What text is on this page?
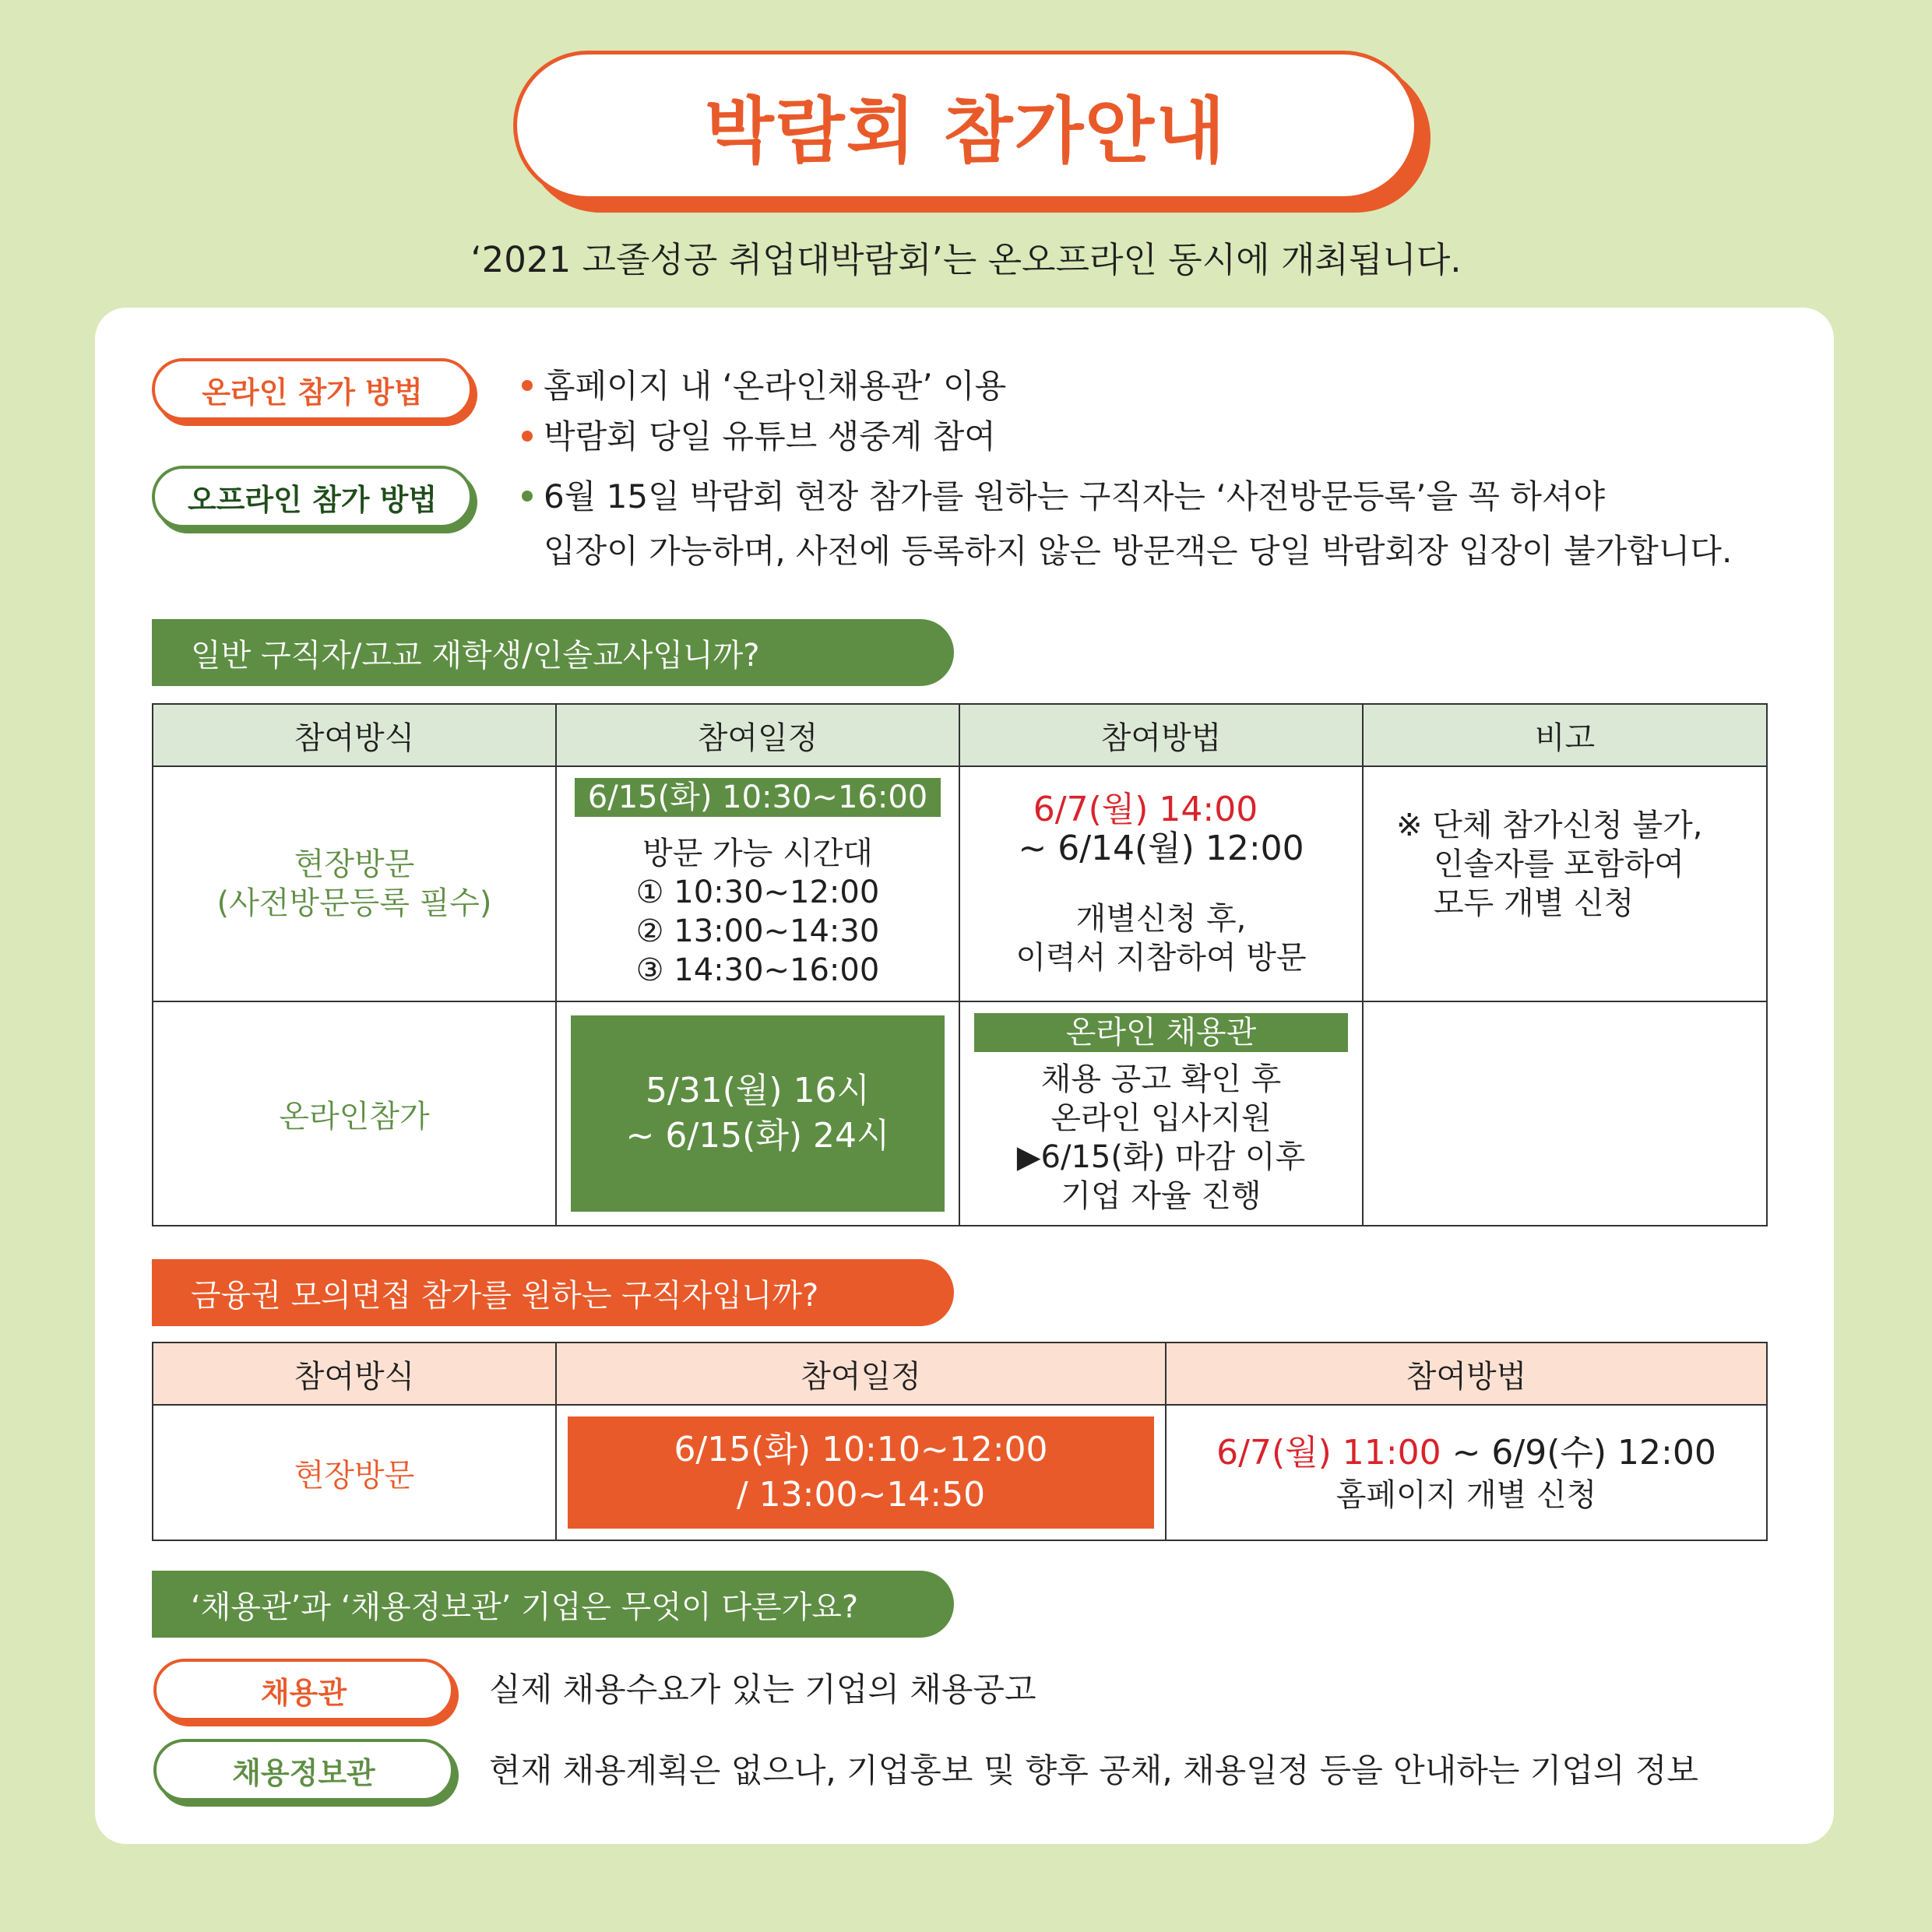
박람회 참가안내
‘2021 고졸성공 취업대박람회’는 온오프라인 동시에 개최됩니다.
온라인 참가 방법	홈페이지 내 ‘온라인채용관’ 이용
박람회 당일 유튜브 생중계 참여
오프라인 참가 방법	6월 15일 박람회 현장 참가를 원하는 구직자는 ‘사전방문등록’을 꼭 하셔야
입장이 가능하며, 사전에 등록하지 않은 방문객은 당일 박람회장 입장이 불가합니다.
일반 구직자/고교 재학생/인솔교사입니까?
참여방식	참여일정	참여방법	비고

현장방문
(사전방문등록 필수)	6/15(화) 10:30~16:00
방문 가능 시간대
① 10:30~12:00
② 13:00~14:30
③ 14:30~16:00	6/7(월) 14:00
~ 6/14(월) 12:00
개별신청 후,
이력서 지참하여 방문	※ 단체 참가신청 불가,
인솔자를 포함하여
모두 개별 신청

온라인참가	5/31(월) 16시
~ 6/15(화) 24시	온라인 채용관
채용 공고 확인 후
온라인 입사지원
▶6/15(화) 마감 이후
기업 자율 진행	

금융권 모의면접 참가를 원하는 구직자입니까?
참여방식	참여일정	참여방법
현장방문	6/15(화) 10:10~12:00
/ 13:00~14:50	6/7(월) 11:00 ~ 6/9(수) 12:00
홈페이지 개별 신청
‘채용관’과 ‘채용정보관’ 기업은 무엇이 다른가요?
채용관	실제 채용수요가 있는 기업의 채용공고
채용정보관	현재 채용계획은 없으나, 기업홍보 및 향후 공채, 채용일정 등을 안내하는 기업의 정보
